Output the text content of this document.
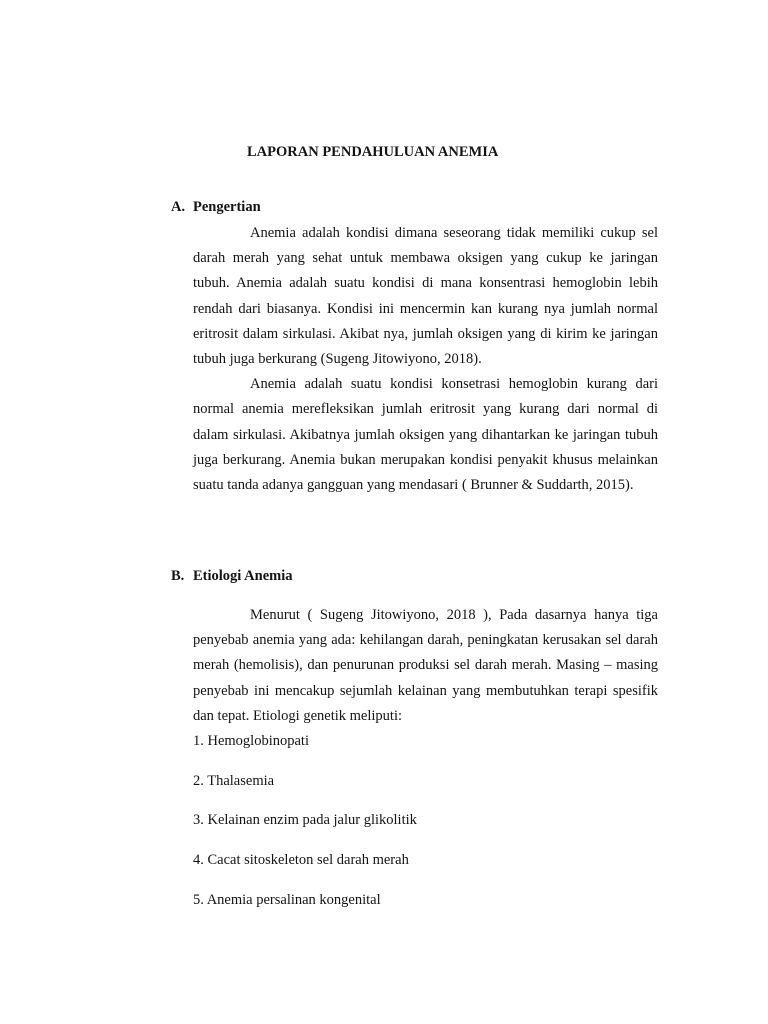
LAPORAN PENDAHULUAN ANEMIA
A. Pengertian

Anemia adalah kondisi dimana seseorang tidak memiliki cukup sel darah merah yang sehat untuk membawa oksigen yang cukup ke jaringan tubuh. Anemia adalah suatu kondisi di mana konsentrasi hemoglobin lebih rendah dari biasanya. Kondisi ini mencermin kan kurang nya jumlah normal eritrosit dalam sirkulasi. Akibat nya, jumlah oksigen yang di kirim ke jaringan tubuh juga berkurang (Sugeng Jitowiyono, 2018).

Anemia adalah suatu kondisi konsetrasi hemoglobin kurang dari normal anemia merefleksikan jumlah eritrosit yang kurang dari normal di dalam sirkulasi. Akibatnya jumlah oksigen yang dihantarkan ke jaringan tubuh juga berkurang. Anemia bukan merupakan kondisi penyakit khusus melainkan suatu tanda adanya gangguan yang mendasari ( Brunner & Suddarth, 2015).

B. Etiologi Anemia

Menurut ( Sugeng Jitowiyono, 2018 ), Pada dasarnya hanya tiga penyebab anemia yang ada: kehilangan darah, peningkatan kerusakan sel darah merah (hemolisis), dan penurunan produksi sel darah merah. Masing – masing penyebab ini mencakup sejumlah kelainan yang membutuhkan terapi spesifik dan tepat. Etiologi genetik meliputi:

1. Hemoglobinopati
2. Thalasemia
3. Kelainan enzim pada jalur glikolitik
4. Cacat sitoskeleton sel darah merah
5. Anemia persalinan kongenital
